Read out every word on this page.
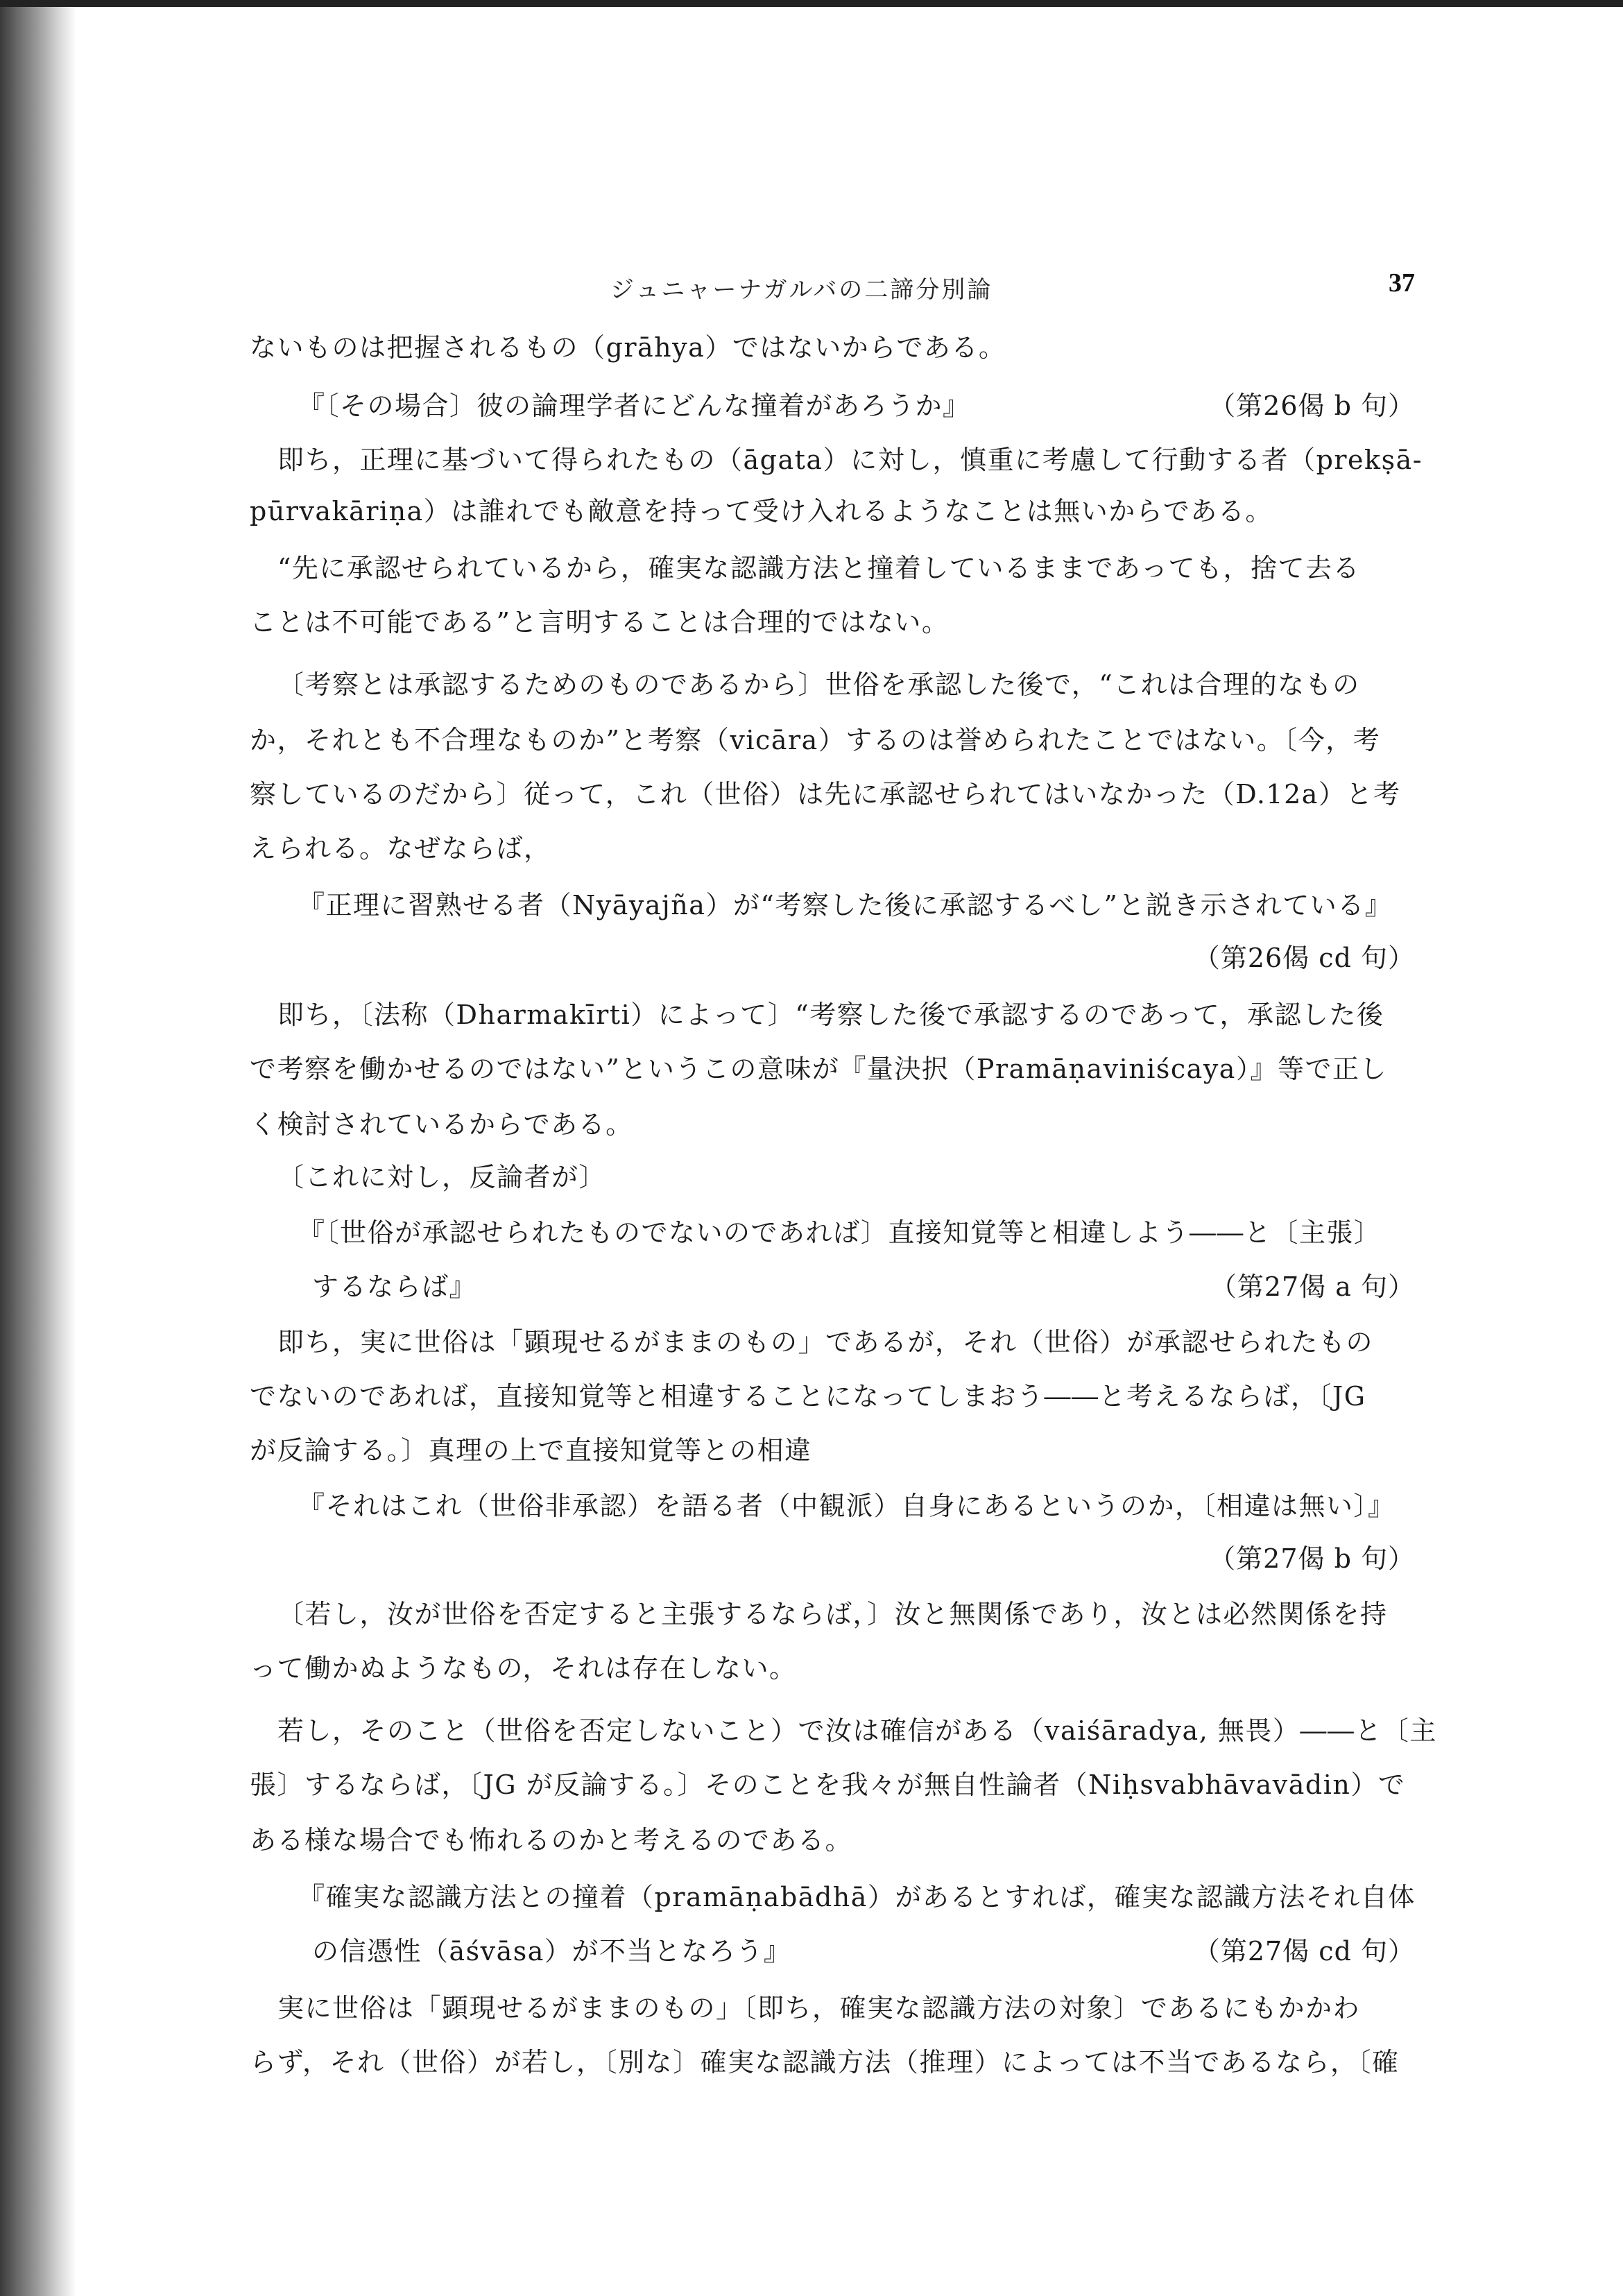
ジュニャーナガルバの二諦分別論	37
ないものは把握されるもの（grāhya）ではないからである。
『〔その場合〕彼の論理学者にどんな撞着があろうか』	（第26偈 b 句）
即ち，正理に基づいて得られたもの（āgata）に対し，慎重に考慮して行動する者（prekṣā-
pūrvakāriṇa）は誰れでも敵意を持って受け入れるようなことは無いからである。
“先に承認せられているから，確実な認識方法と撞着しているままであっても，捨て去る
ことは不可能である”と言明することは合理的ではない。
〔考察とは承認するためのものであるから〕世俗を承認した後で，“これは合理的なもの
か，それとも不合理なものか”と考察（vicāra）するのは誉められたことではない。〔今，考
察しているのだから〕従って，これ（世俗）は先に承認せられてはいなかった（D.12a）と考
えられる。なぜならば，
『正理に習熟せる者（Nyāyajña）が“考察した後に承認するべし”と説き示されている』
（第26偈 cd 句）
即ち，〔法称（Dharmakīrti）によって〕“考察した後で承認するのであって，承認した後
で考察を働かせるのではない”というこの意味が『量決択（Pramāṇaviniścaya）』等で正し
く検討されているからである。
〔これに対し，反論者が〕
『〔世俗が承認せられたものでないのであれば〕直接知覚等と相違しよう――と〔主張〕
するならば』	（第27偈 a 句）
即ち，実に世俗は「顕現せるがままのもの」であるが，それ（世俗）が承認せられたもの
でないのであれば，直接知覚等と相違することになってしまおう――と考えるならば，〔JG
が反論する。〕真理の上で直接知覚等との相違
『それはこれ（世俗非承認）を語る者（中観派）自身にあるというのか，〔相違は無い〕』
（第27偈 b 句）
〔若し，汝が世俗を否定すると主張するならば，〕汝と無関係であり，汝とは必然関係を持
って働かぬようなもの，それは存在しない。
若し，そのこと（世俗を否定しないこと）で汝は確信がある（vaiśāradya, 無畏）――と〔主
張〕するならば，〔JG が反論する。〕そのことを我々が無自性論者（Niḥsvabhāvavādin）で
ある様な場合でも怖れるのかと考えるのである。
『確実な認識方法との撞着（pramāṇabādhā）があるとすれば，確実な認識方法それ自体
の信憑性（āśvāsa）が不当となろう』	（第27偈 cd 句）
実に世俗は「顕現せるがままのもの」〔即ち，確実な認識方法の対象〕であるにもかかわ
らず，それ（世俗）が若し，〔別な〕確実な認識方法（推理）によっては不当であるなら，〔確
